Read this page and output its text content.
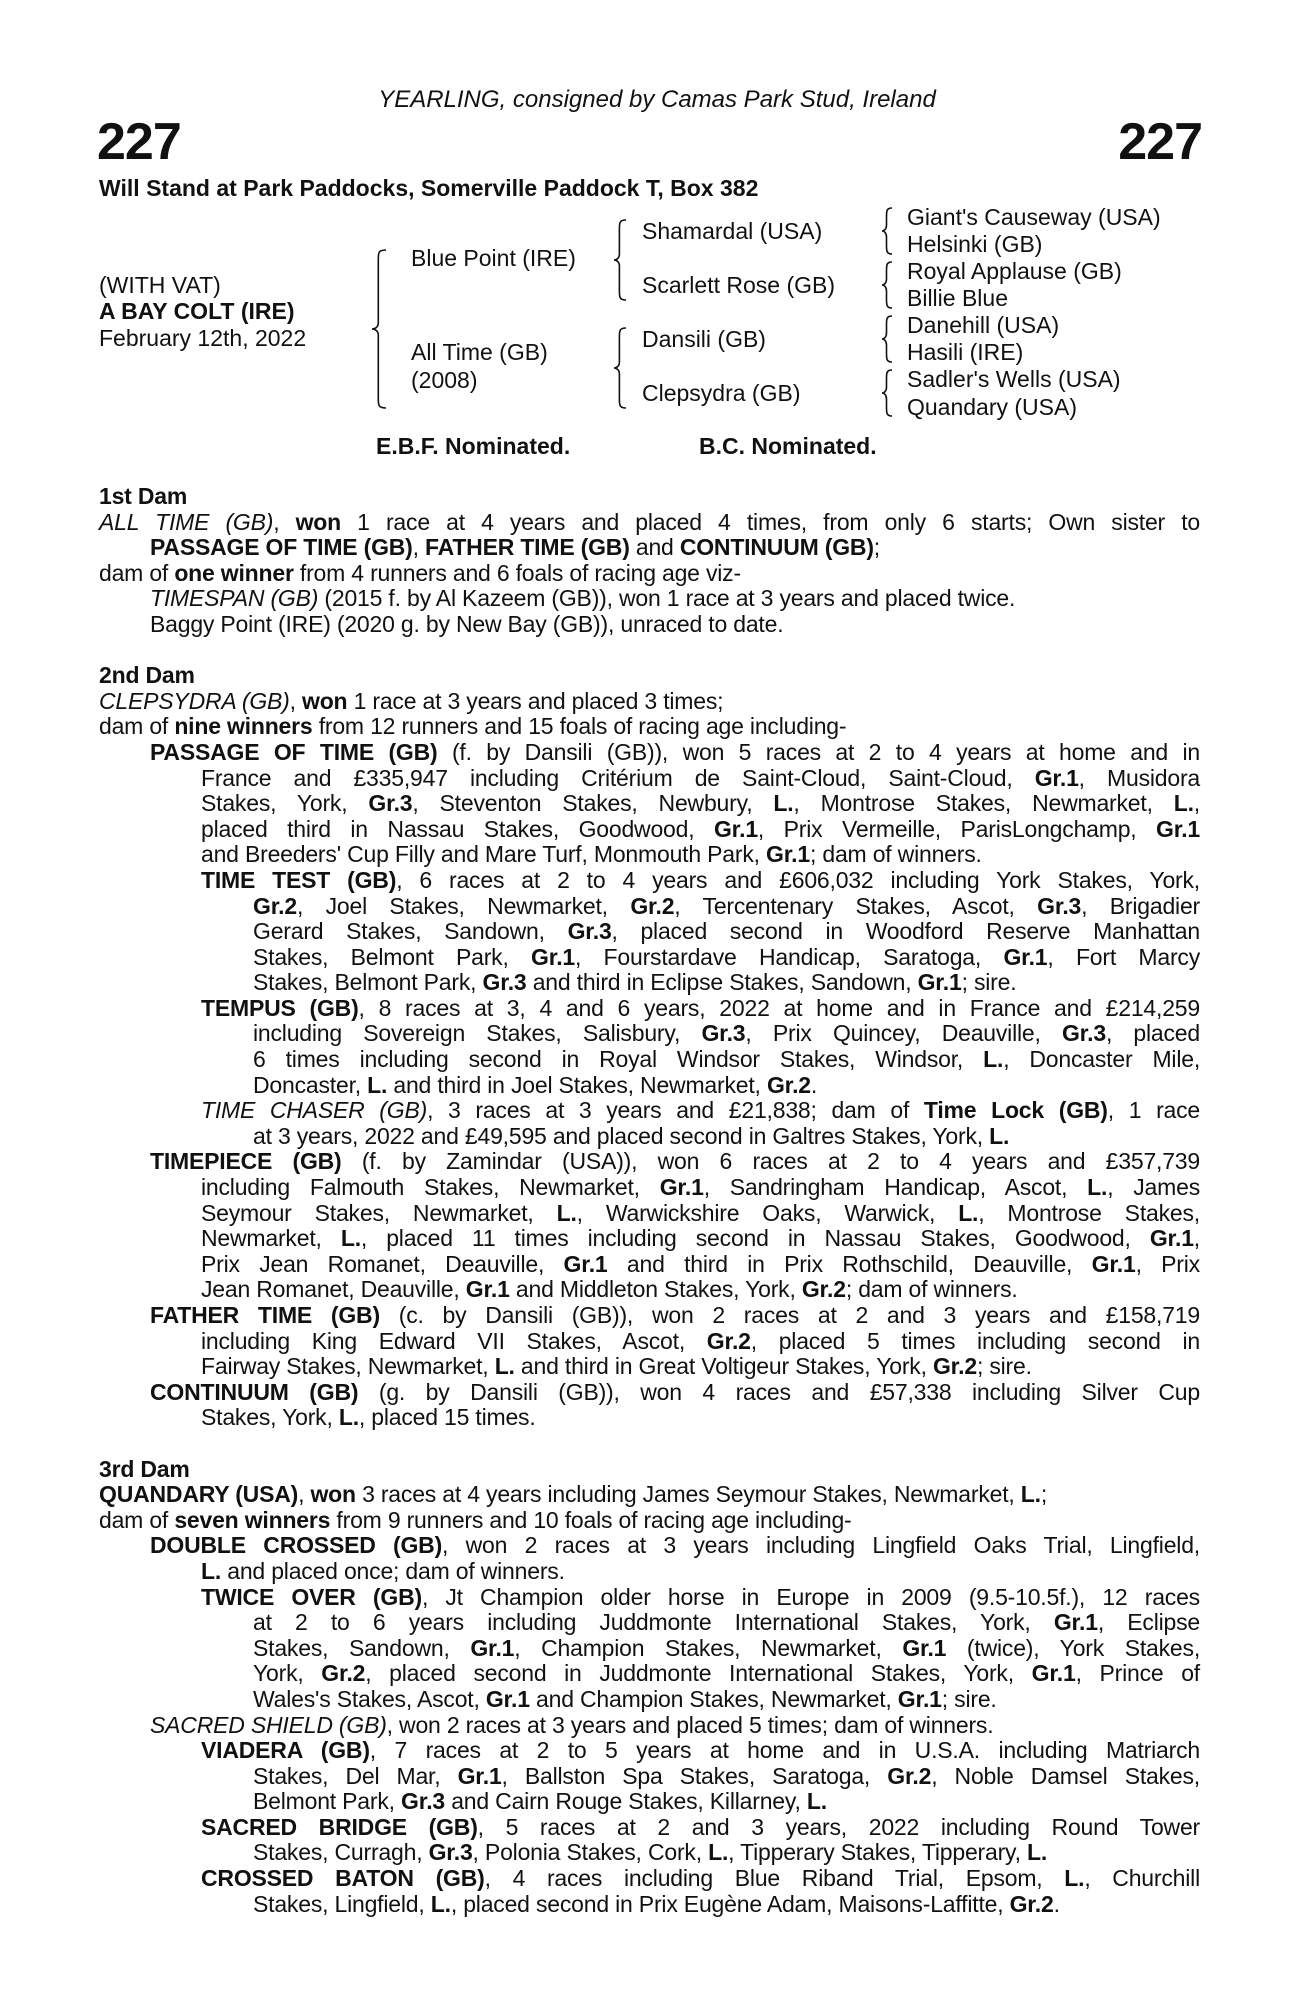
YEARLING, consigned by Camas Park Stud, Ireland
227	227
Will Stand at Park Paddocks, Somerville Paddock T, Box 382
(WITH VAT)
A BAY COLT (IRE)
February 12th, 2022
Blue Point (IRE)
All Time (GB)
(2008)
Shamardal (USA)
Scarlett Rose (GB)
Dansili (GB)
Clepsydra (GB)
Giant's Causeway (USA)
Helsinki (GB)
Royal Applause (GB)
Billie Blue
Danehill (USA)
Hasili (IRE)
Sadler's Wells (USA)
Quandary (USA)
E.B.F. Nominated.	B.C. Nominated.
1st Dam
ALL TIME (GB), won 1 race at 4 years and placed 4 times, from only 6 starts; Own sister to
PASSAGE OF TIME (GB), FATHER TIME (GB) and CONTINUUM (GB);
dam of one winner from 4 runners and 6 foals of racing age viz-
TIMESPAN (GB) (2015 f. by Al Kazeem (GB)), won 1 race at 3 years and placed twice.
Baggy Point (IRE) (2020 g. by New Bay (GB)), unraced to date.
2nd Dam
CLEPSYDRA (GB), won 1 race at 3 years and placed 3 times;
dam of nine winners from 12 runners and 15 foals of racing age including-
PASSAGE OF TIME (GB) (f. by Dansili (GB)), won 5 races at 2 to 4 years at home and in
France and £335,947 including Critérium de Saint-Cloud, Saint-Cloud, Gr.1, Musidora
Stakes, York, Gr.3, Steventon Stakes, Newbury, L., Montrose Stakes, Newmarket, L.,
placed third in Nassau Stakes, Goodwood, Gr.1, Prix Vermeille, ParisLongchamp, Gr.1
and Breeders' Cup Filly and Mare Turf, Monmouth Park, Gr.1; dam of winners.
TIME TEST (GB), 6 races at 2 to 4 years and £606,032 including York Stakes, York,
Gr.2, Joel Stakes, Newmarket, Gr.2, Tercentenary Stakes, Ascot, Gr.3, Brigadier
Gerard Stakes, Sandown, Gr.3, placed second in Woodford Reserve Manhattan
Stakes, Belmont Park, Gr.1, Fourstardave Handicap, Saratoga, Gr.1, Fort Marcy
Stakes, Belmont Park, Gr.3 and third in Eclipse Stakes, Sandown, Gr.1; sire.
TEMPUS (GB), 8 races at 3, 4 and 6 years, 2022 at home and in France and £214,259
including Sovereign Stakes, Salisbury, Gr.3, Prix Quincey, Deauville, Gr.3, placed
6 times including second in Royal Windsor Stakes, Windsor, L., Doncaster Mile,
Doncaster, L. and third in Joel Stakes, Newmarket, Gr.2.
TIME CHASER (GB), 3 races at 3 years and £21,838; dam of Time Lock (GB), 1 race
at 3 years, 2022 and £49,595 and placed second in Galtres Stakes, York, L.
TIMEPIECE (GB) (f. by Zamindar (USA)), won 6 races at 2 to 4 years and £357,739
including Falmouth Stakes, Newmarket, Gr.1, Sandringham Handicap, Ascot, L., James
Seymour Stakes, Newmarket, L., Warwickshire Oaks, Warwick, L., Montrose Stakes,
Newmarket, L., placed 11 times including second in Nassau Stakes, Goodwood, Gr.1,
Prix Jean Romanet, Deauville, Gr.1 and third in Prix Rothschild, Deauville, Gr.1, Prix
Jean Romanet, Deauville, Gr.1 and Middleton Stakes, York, Gr.2; dam of winners.
FATHER TIME (GB) (c. by Dansili (GB)), won 2 races at 2 and 3 years and £158,719
including King Edward VII Stakes, Ascot, Gr.2, placed 5 times including second in
Fairway Stakes, Newmarket, L. and third in Great Voltigeur Stakes, York, Gr.2; sire.
CONTINUUM (GB) (g. by Dansili (GB)), won 4 races and £57,338 including Silver Cup
Stakes, York, L., placed 15 times.
3rd Dam
QUANDARY (USA), won 3 races at 4 years including James Seymour Stakes, Newmarket, L.;
dam of seven winners from 9 runners and 10 foals of racing age including-
DOUBLE CROSSED (GB), won 2 races at 3 years including Lingfield Oaks Trial, Lingfield,
L. and placed once; dam of winners.
TWICE OVER (GB), Jt Champion older horse in Europe in 2009 (9.5-10.5f.), 12 races
at 2 to 6 years including Juddmonte International Stakes, York, Gr.1, Eclipse
Stakes, Sandown, Gr.1, Champion Stakes, Newmarket, Gr.1 (twice), York Stakes,
York, Gr.2, placed second in Juddmonte International Stakes, York, Gr.1, Prince of
Wales's Stakes, Ascot, Gr.1 and Champion Stakes, Newmarket, Gr.1; sire.
SACRED SHIELD (GB), won 2 races at 3 years and placed 5 times; dam of winners.
VIADERA (GB), 7 races at 2 to 5 years at home and in U.S.A. including Matriarch
Stakes, Del Mar, Gr.1, Ballston Spa Stakes, Saratoga, Gr.2, Noble Damsel Stakes,
Belmont Park, Gr.3 and Cairn Rouge Stakes, Killarney, L.
SACRED BRIDGE (GB), 5 races at 2 and 3 years, 2022 including Round Tower
Stakes, Curragh, Gr.3, Polonia Stakes, Cork, L., Tipperary Stakes, Tipperary, L.
CROSSED BATON (GB), 4 races including Blue Riband Trial, Epsom, L., Churchill
Stakes, Lingfield, L., placed second in Prix Eugène Adam, Maisons-Laffitte, Gr.2.
